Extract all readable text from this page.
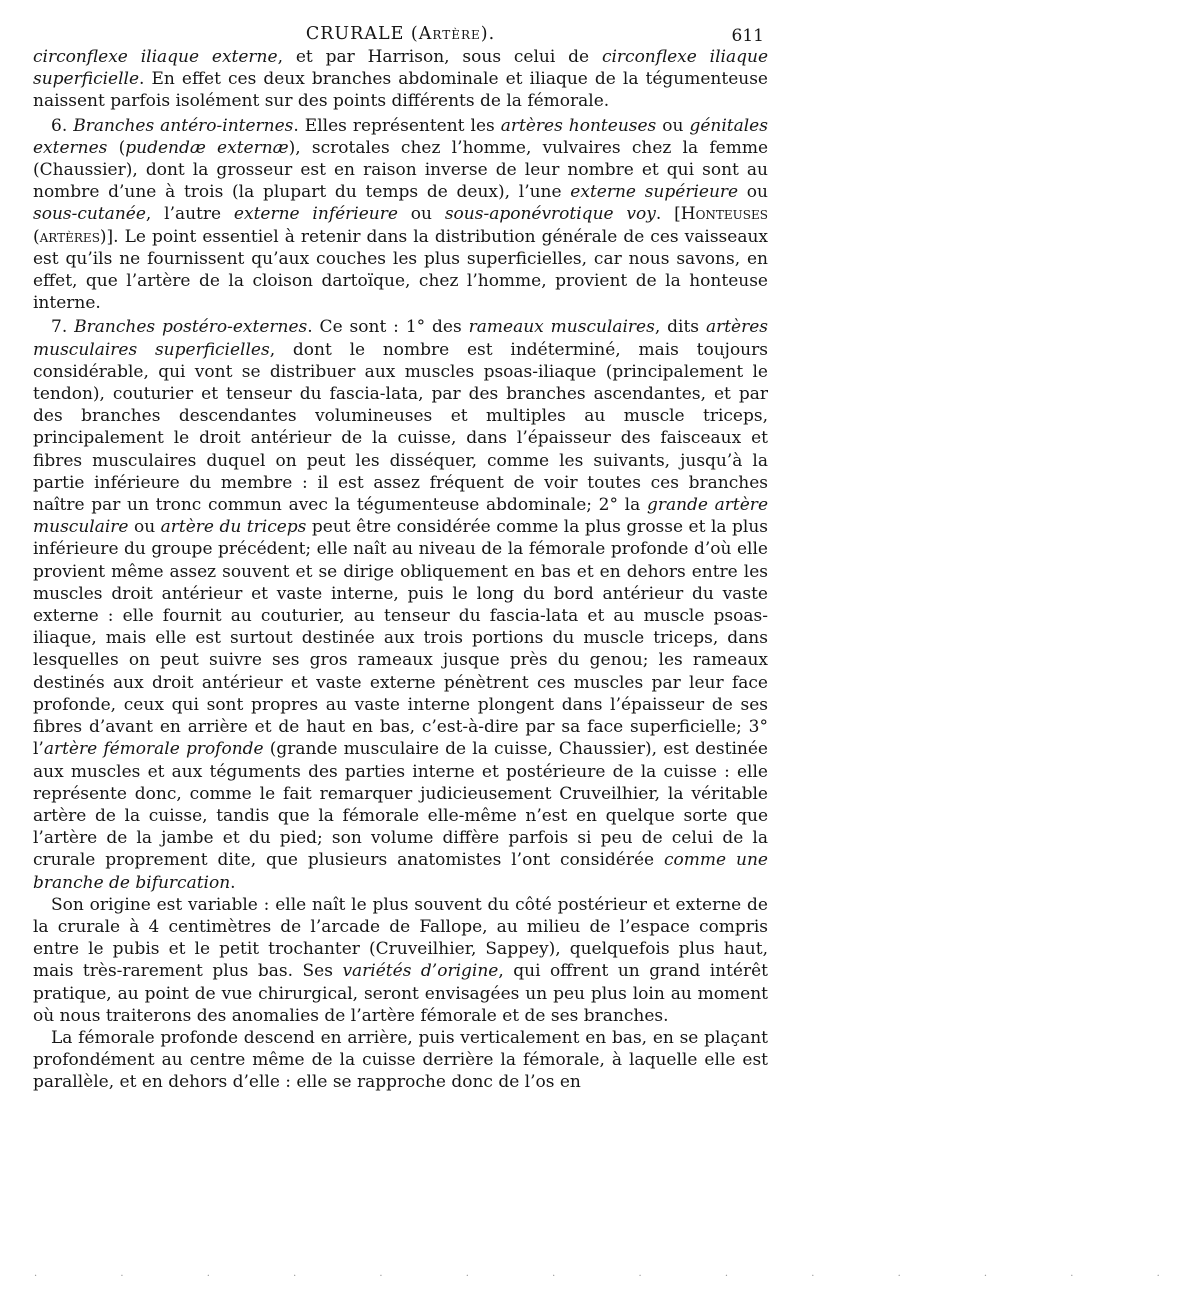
CRURALE (Artère).	611

circonflexe iliaque externe, et par Harrison, sous celui de circonflexe iliaque superficielle. En effet ces deux branches abdominale et iliaque de la tégumenteuse naissent parfois isolément sur des points différents de la fémorale.

6. Branches antéro-internes. Elles représentent les artères honteuses ou génitales externes (pudendæ externæ), scrotales chez l’homme, vulvaires chez la femme (Chaussier), dont la grosseur est en raison inverse de leur nombre et qui sont au nombre d’une à trois (la plupart du temps de deux), l’une externe supérieure ou sous-cutanée, l’autre externe inférieure ou sous-aponévrotique voy. [Honteuses (artères)]. Le point essentiel à retenir dans la distribution générale de ces vaisseaux est qu’ils ne fournissent qu’aux couches les plus superficielles, car nous savons, en effet, que l’artère de la cloison dartoïque, chez l’homme, provient de la honteuse interne.

7. Branches postéro-externes. Ce sont : 1° des rameaux musculaires, dits artères musculaires superficielles, dont le nombre est indéterminé, mais toujours considérable, qui vont se distribuer aux muscles psoas-iliaque (principalement le tendon), couturier et tenseur du fascia-lata, par des branches ascendantes, et par des branches descendantes volumineuses et multiples au muscle triceps, principalement le droit antérieur de la cuisse, dans l’épaisseur des faisceaux et fibres musculaires duquel on peut les disséquer, comme les suivants, jusqu’à la partie inférieure du membre : il est assez fréquent de voir toutes ces branches naître par un tronc commun avec la tégumenteuse abdominale; 2° la grande artère musculaire ou artère du triceps peut être considérée comme la plus grosse et la plus inférieure du groupe précédent; elle naît au niveau de la fémorale profonde d’où elle provient même assez souvent et se dirige obliquement en bas et en dehors entre les muscles droit antérieur et vaste interne, puis le long du bord antérieur du vaste externe : elle fournit au couturier, au tenseur du fascia-lata et au muscle psoas-iliaque, mais elle est surtout destinée aux trois portions du muscle triceps, dans lesquelles on peut suivre ses gros rameaux jusque près du genou; les rameaux destinés aux droit antérieur et vaste externe pénètrent ces muscles par leur face profonde, ceux qui sont propres au vaste interne plongent dans l’épaisseur de ses fibres d’avant en arrière et de haut en bas, c’est-à-dire par sa face superficielle; 3° l’artère fémorale profonde (grande musculaire de la cuisse, Chaussier), est destinée aux muscles et aux téguments des parties interne et postérieure de la cuisse : elle représente donc, comme le fait remarquer judicieusement Cruveilhier, la véritable artère de la cuisse, tandis que la fémorale elle-même n’est en quelque sorte que l’artère de la jambe et du pied; son volume diffère parfois si peu de celui de la crurale proprement dite, que plusieurs anatomistes l’ont considérée comme une branche de bifurcation.

Son origine est variable : elle naît le plus souvent du côté postérieur et externe de la crurale à 4 centimètres de l’arcade de Fallope, au milieu de l’espace compris entre le pubis et le petit trochanter (Cruveilhier, Sappey), quelquefois plus haut, mais très-rarement plus bas. Ses variétés d’origine, qui offrent un grand intérêt pratique, au point de vue chirurgical, seront envisagées un peu plus loin au moment où nous traiterons des anomalies de l’artère fémorale et de ses branches.

La fémorale profonde descend en arrière, puis verticalement en bas, en se plaçant profondément au centre même de la cuisse derrière la fémorale, à laquelle elle est parallèle, et en dehors d’elle : elle se rapproche donc de l’os en

· · · · · · · · · · · · · ·
